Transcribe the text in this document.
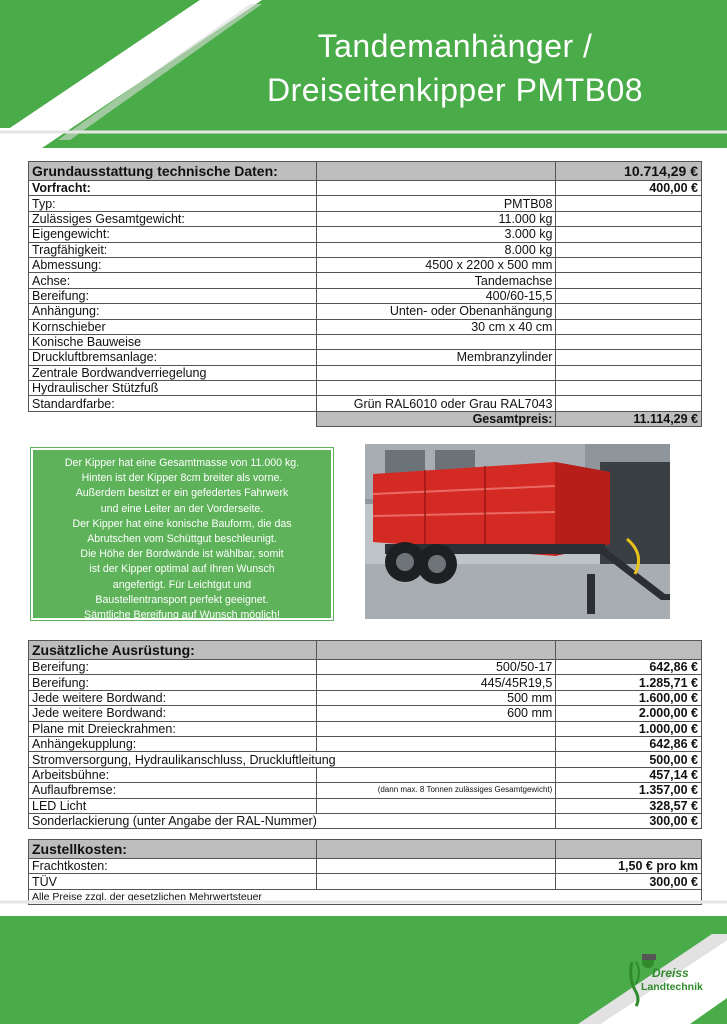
Tandemanhänger /
Dreiseitenkipper PMTB08
Grundausstattung technische Daten:		10.714,29 €
Vorfracht:		400,00 €
Typ:	PMTB08	
Zulässiges Gesamtgewicht:	11.000 kg	
Eigengewicht:	3.000 kg	
Tragfähigkeit:	8.000 kg	
Abmessung:	4500 x 2200 x 500 mm	
Achse:	Tandemachse	
Bereifung:	400/60-15,5	
Anhängung:	Unten- oder Obenanhängung	
Kornschieber	30 cm x 40 cm	
Konische Bauweise		
Druckluftbremsanlage:	Membranzylinder	
Zentrale Bordwandverriegelung		
Hydraulischer Stützfuß		
Standardfarbe:	Grün RAL6010 oder Grau RAL7043	
	Gesamtpreis:	11.114,29 €
Der Kipper hat eine Gesamtmasse von 11.000 kg.
Hinten ist der Kipper 8cm breiter als vorne.
Außerdem besitzt er ein gefedertes Fahrwerk
und eine Leiter an der Vorderseite.
Der Kipper hat eine konische Bauform, die das
Abrutschen vom Schüttgut beschleunigt.
Die Höhe der Bordwände ist wählbar, somit
ist der Kipper optimal auf Ihren Wunsch
angefertigt. Für Leichtgut und
Baustellentransport perfekt geeignet.
Sämtliche Bereifung auf Wunsch möglich!
Zusätzliche Ausrüstung:		
Bereifung:	500/50-17	642,86 €
Bereifung:	445/45R19,5	1.285,71 €
Jede weitere Bordwand:	500 mm	1.600,00 €
Jede weitere Bordwand:	600 mm	2.000,00 €
Plane mit Dreieckrahmen:		1.000,00 €
Anhängekupplung:		642,86 €
Stromversorgung, Hydraulikanschluss, Druckluftleitung		500,00 €
Arbeitsbühne:		457,14 €
Auflaufbremse:	(dann max. 8 Tonnen zulässiges Gesamtgewicht)	1.357,00 €
LED Licht		328,57 €
Sonderlackierung (unter Angabe der RAL-Nummer)		300,00 €
Zustellkosten:		
Frachtkosten:		1,50 € pro km
TÜV		300,00 €
Alle Preise zzgl. der gesetzlichen Mehrwertsteuer		
Dreiss
Landtechnik
